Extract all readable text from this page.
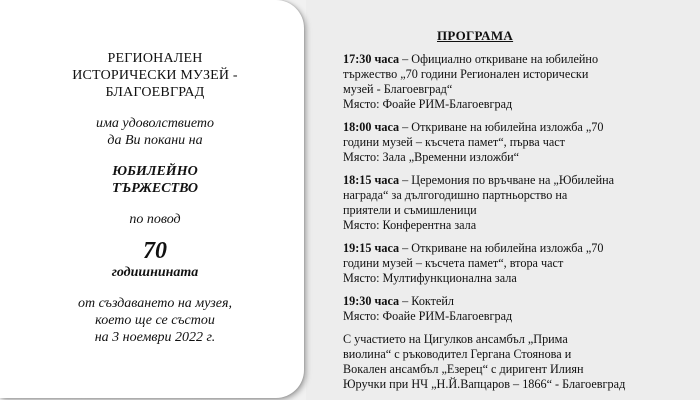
РЕГИОНАЛЕН
ИСТОРИЧЕСКИ МУЗЕЙ -
БЛАГОЕВГРАД
има удоволствието
да Ви покани на
ЮБИЛЕЙНО
ТЪРЖЕСТВО
по повод
70
годишнината
от създаването на музея,
което ще се състои
на 3 ноември 2022 г.
ПРОГРАМА

17:30 часа – Официално откриване на юбилейно
тържество „70 години Регионален исторически
музей - Благоевград“
Място: Фоайе РИМ-Благоевград

18:00 часа – Откриване на юбилейна изложба „70
години музей – късчета памет“, първа част
Място: Зала „Временни изложби“

18:15 часа – Церемония по връчване на „Юбилейна
награда“ за дългогодишно партньорство на
приятели и съмишленици
Място: Конферентна зала

19:15 часа – Откриване на юбилейна изложба „70
години музей – късчета памет“, втора част
Място: Мултифункционална зала

19:30 часа – Коктейл
Място: Фоайе РИМ-Благоевград

С участието на Цигулков ансамбъл „Прима
виолина“ с ръководител Гергана Стоянова и
Вокален ансамбъл „Езерец“ с диригент Илиян
Юручки при НЧ „Н.Й.Вапцаров – 1866“ - Благоевград
